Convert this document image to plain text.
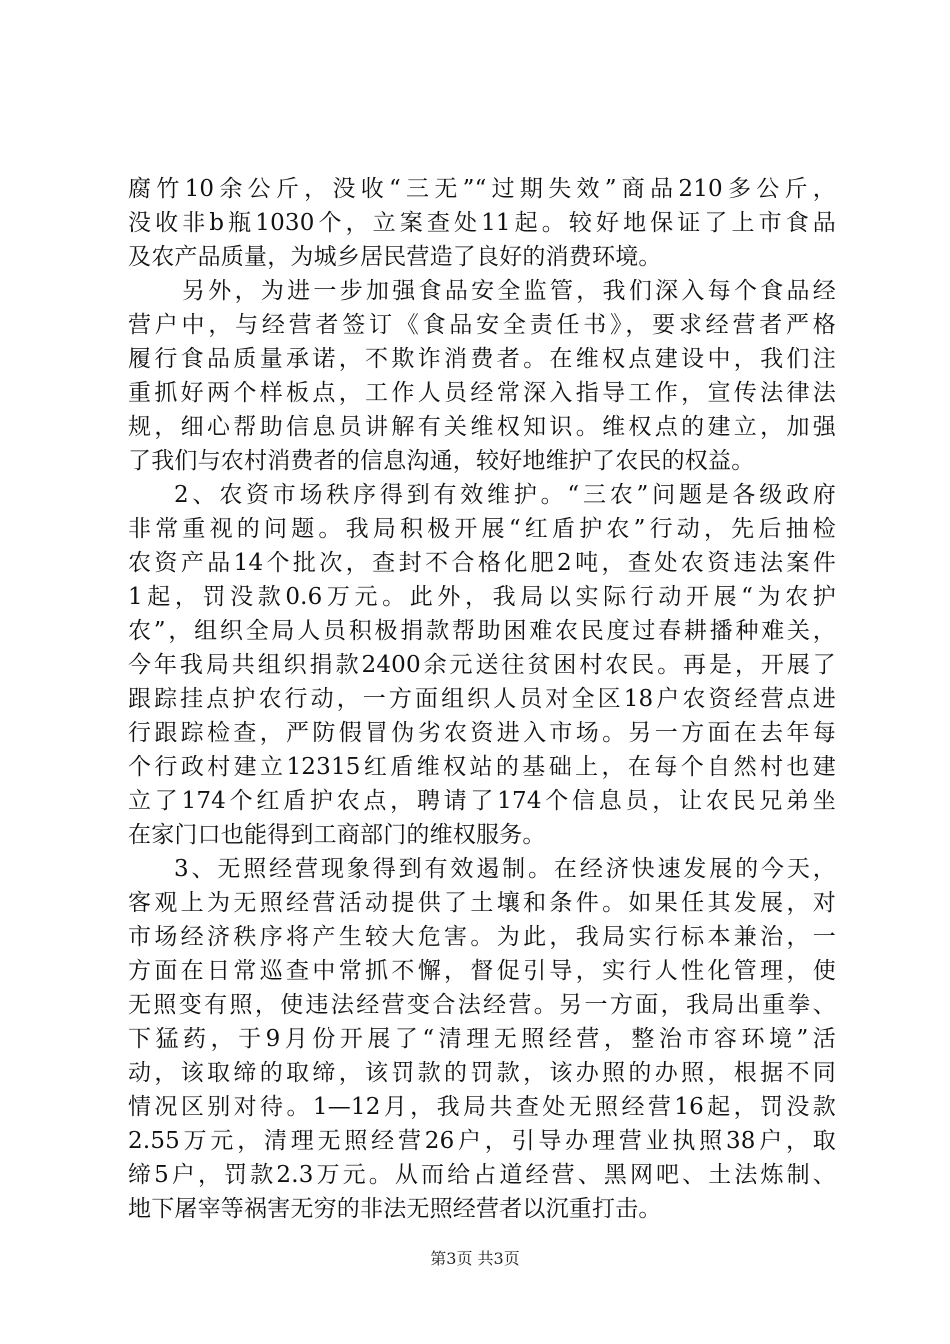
腐竹10余公斤，没收“三无”“过期失效”商品210多公斤，
没收非b瓶1030个，立案查处11起。较好地保证了上市食品
及农产品质量，为城乡居民营造了良好的消费环境。
另外，为进一步加强食品安全监管，我们深入每个食品经
营户中，与经营者签订《食品安全责任书》，要求经营者严格
履行食品质量承诺，不欺诈消费者。在维权点建设中，我们注
重抓好两个样板点，工作人员经常深入指导工作，宣传法律法
规，细心帮助信息员讲解有关维权知识。维权点的建立，加强
了我们与农村消费者的信息沟通，较好地维护了农民的权益。
2、农资市场秩序得到有效维护。“三农”问题是各级政府
非常重视的问题。我局积极开展“红盾护农”行动，先后抽检
农资产品14个批次，查封不合格化肥2吨，查处农资违法案件
1起，罚没款0.6万元。此外，我局以实际行动开展“为农护
农”，组织全局人员积极捐款帮助困难农民度过春耕播种难关，
今年我局共组织捐款2400余元送往贫困村农民。再是，开展了
跟踪挂点护农行动，一方面组织人员对全区18户农资经营点进
行跟踪检查，严防假冒伪劣农资进入市场。另一方面在去年每
个行政村建立12315红盾维权站的基础上，在每个自然村也建
立了174个红盾护农点，聘请了174个信息员，让农民兄弟坐
在家门口也能得到工商部门的维权服务。
3、无照经营现象得到有效遏制。在经济快速发展的今天，
客观上为无照经营活动提供了土壤和条件。如果任其发展，对
市场经济秩序将产生较大危害。为此，我局实行标本兼治，一
方面在日常巡查中常抓不懈，督促引导，实行人性化管理，使
无照变有照，使违法经营变合法经营。另一方面，我局出重拳、
下猛药，于9月份开展了“清理无照经营，整治市容环境”活
动，该取缔的取缔，该罚款的罚款，该办照的办照，根据不同
情况区别对待。1—12月，我局共查处无照经营16起，罚没款
2.55万元，清理无照经营26户，引导办理营业执照38户，取
缔5户，罚款2.3万元。从而给占道经营、黑网吧、土法炼制、
地下屠宰等祸害无穷的非法无照经营者以沉重打击。
第3页 共3页
